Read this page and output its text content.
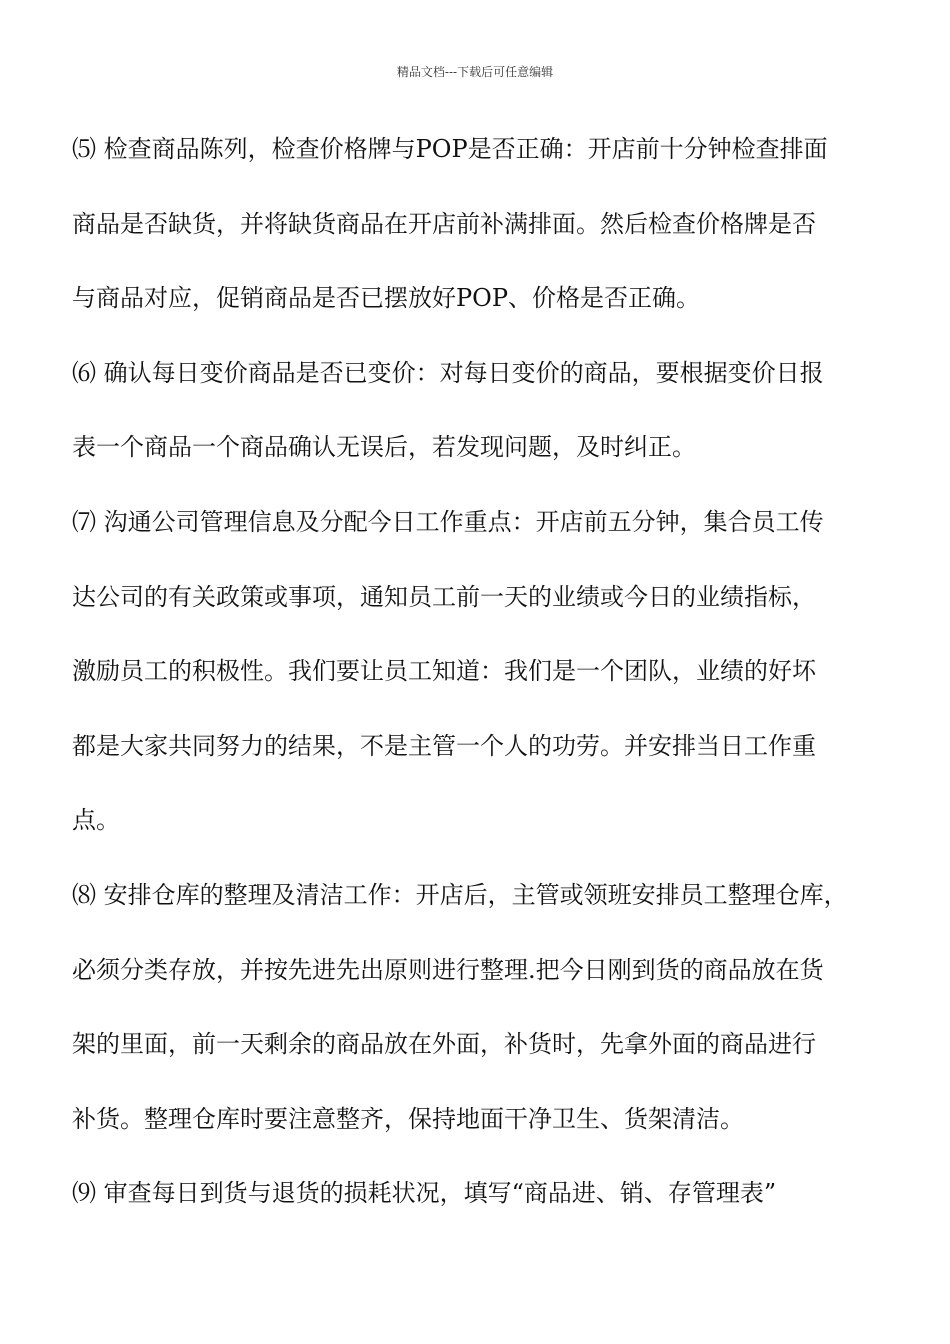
精品文档---下载后可任意编辑
⑸ 检查商品陈列，检查价格牌与POP是否正确：开店前十分钟检查排面
商品是否缺货，并将缺货商品在开店前补满排面。然后检查价格牌是否
与商品对应，促销商品是否已摆放好POP、价格是否正确。
⑹ 确认每日变价商品是否已变价：对每日变价的商品，要根据变价日报
表一个商品一个商品确认无误后，若发现问题，及时纠正。
⑺ 沟通公司管理信息及分配今日工作重点：开店前五分钟，集合员工传
达公司的有关政策或事项，通知员工前一天的业绩或今日的业绩指标，
激励员工的积极性。我们要让员工知道：我们是一个团队，业绩的好坏
都是大家共同努力的结果，不是主管一个人的功劳。并安排当日工作重
点。
⑻ 安排仓库的整理及清洁工作：开店后，主管或领班安排员工整理仓库，
必须分类存放，并按先进先出原则进行整理.把今日刚到货的商品放在货
架的里面，前一天剩余的商品放在外面，补货时，先拿外面的商品进行
补货。整理仓库时要注意整齐，保持地面干净卫生、货架清洁。
⑼ 审查每日到货与退货的损耗状况，填写“商品进、销、存管理表”
